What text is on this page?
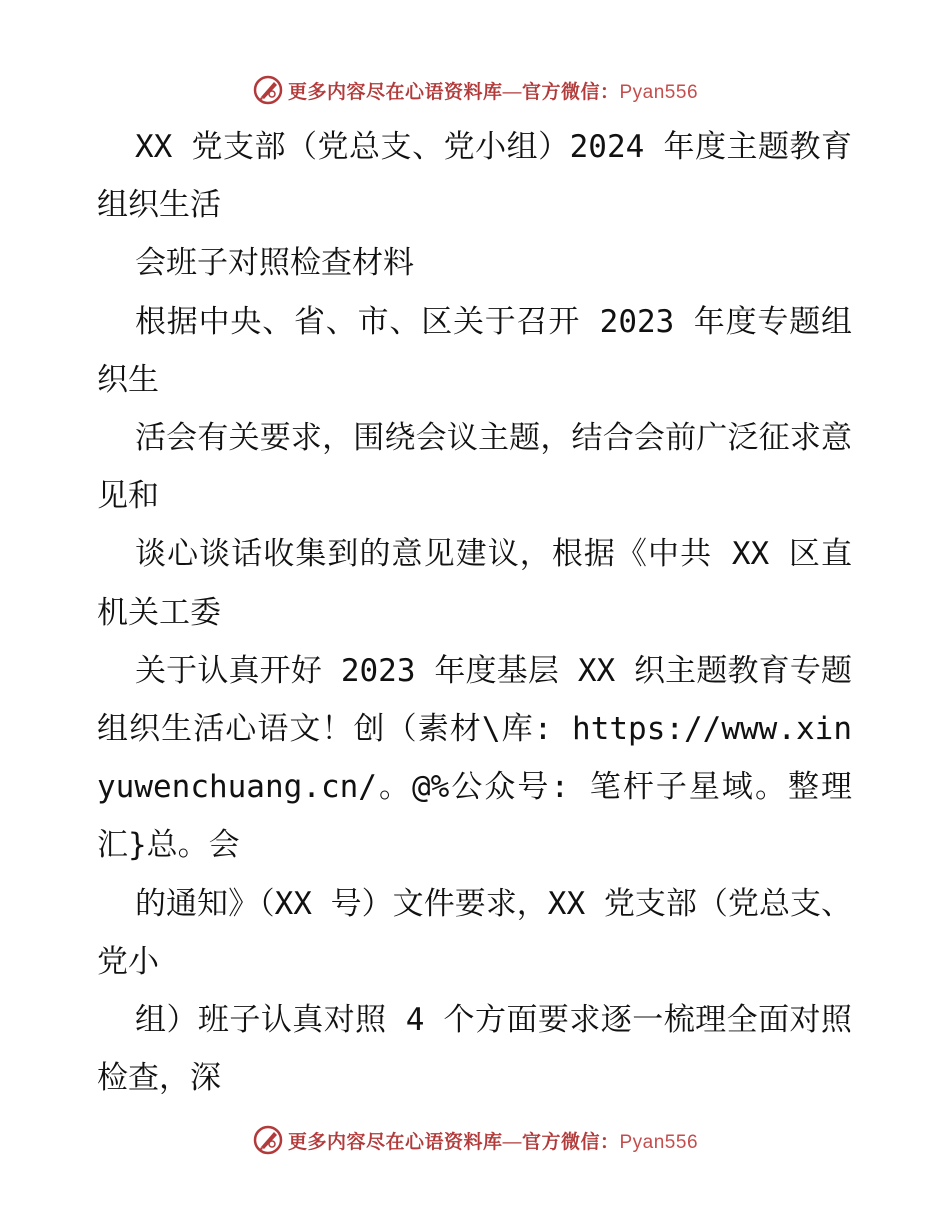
更多内容尽在心语资料库—官方微信：Pyan556

XX 党支部（党总支、党小组）2024 年度主题教育组织生活

会班子对照检查材料

根据中央、省、市、区关于召开 2023 年度专题组织生

活会有关要求，围绕会议主题，结合会前广泛征求意见和

谈心谈话收集到的意见建议，根据《中共 XX 区直机关工委

关于认真开好 2023 年度基层 XX 织主题教育专题组织生活心语文！创（素材\库: https://www.xinyuwenchuang.cn/。@%公众号: 笔杆子星域。整理汇}总。会

的通知》（XX 号）文件要求，XX 党支部（党总支、党小

组）班子认真对照 4 个方面要求逐一梳理全面对照检查，深

更多内容尽在心语资料库—官方微信：Pyan556
